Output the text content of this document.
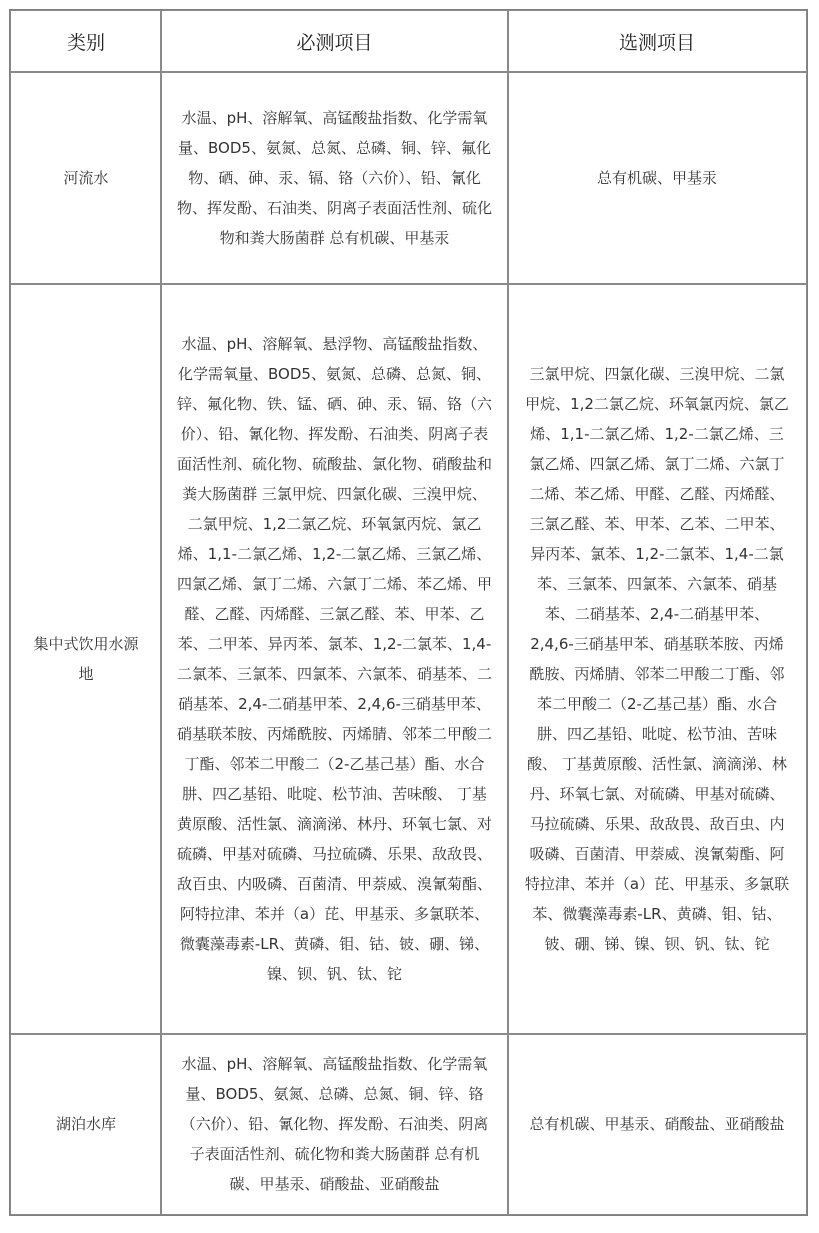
类别	必测项目	选测项目
河流水
水温、pH、溶解氧、高锰酸盐指数、化学需氧量、BOD5、氨氮、总氮、总磷、铜、锌、氟化物、硒、砷、汞、镉、铬（六价）、铅、氰化物、挥发酚、石油类、阴离子表面活性剂、硫化物和粪大肠菌群 总有机碳、甲基汞
总有机碳、甲基汞
集中式饮用水源地
水温、pH、溶解氧、悬浮物、高锰酸盐指数、化学需氧量、BOD5、氨氮、总磷、总氮、铜、锌、氟化物、铁、锰、硒、砷、汞、镉、铬（六价）、铅、氰化物、挥发酚、石油类、阴离子表面活性剂、硫化物、硫酸盐、氯化物、硝酸盐和粪大肠菌群 三氯甲烷、四氯化碳、三溴甲烷、二氯甲烷、1,2二氯乙烷、环氧氯丙烷、氯乙烯、1,1-二氯乙烯、1,2-二氯乙烯、三氯乙烯、四氯乙烯、氯丁二烯、六氯丁二烯、苯乙烯、甲醛、乙醛、丙烯醛、三氯乙醛、苯、甲苯、乙苯、二甲苯、异丙苯、氯苯、1,2-二氯苯、1,4-二氯苯、三氯苯、四氯苯、六氯苯、硝基苯、二硝基苯、2,4-二硝基甲苯、2,4,6-三硝基甲苯、硝基联苯胺、丙烯酰胺、丙烯腈、邻苯二甲酸二丁酯、邻苯二甲酸二（2-乙基己基）酯、水合肼、四乙基铅、吡啶、松节油、苦味酸、 丁基黄原酸、活性氯、滴滴涕、林丹、环氧七氯、对硫磷、甲基对硫磷、马拉硫磷、乐果、敌敌畏、敌百虫、内吸磷、百菌清、甲萘威、溴氰菊酯、阿特拉津、苯并（a）芘、甲基汞、多氯联苯、微囊藻毒素-LR、黄磷、钼、钴、铍、硼、锑、镍、钡、钒、钛、铊
三氯甲烷、四氯化碳、三溴甲烷、二氯甲烷、1,2二氯乙烷、环氧氯丙烷、氯乙烯、1,1-二氯乙烯、1,2-二氯乙烯、三氯乙烯、四氯乙烯、氯丁二烯、六氯丁二烯、苯乙烯、甲醛、乙醛、丙烯醛、三氯乙醛、苯、甲苯、乙苯、二甲苯、异丙苯、氯苯、1,2-二氯苯、1,4-二氯苯、三氯苯、四氯苯、六氯苯、硝基苯、二硝基苯、2,4-二硝基甲苯、2,4,6-三硝基甲苯、硝基联苯胺、丙烯酰胺、丙烯腈、邻苯二甲酸二丁酯、邻苯二甲酸二（2-乙基己基）酯、水合肼、四乙基铅、吡啶、松节油、苦味酸、 丁基黄原酸、活性氯、滴滴涕、林丹、环氧七氯、对硫磷、甲基对硫磷、马拉硫磷、乐果、敌敌畏、敌百虫、内吸磷、百菌清、甲萘威、溴氰菊酯、阿特拉津、苯并（a）芘、甲基汞、多氯联苯、微囊藻毒素-LR、黄磷、钼、钴、铍、硼、锑、镍、钡、钒、钛、铊
湖泊水库
水温、pH、溶解氧、高锰酸盐指数、化学需氧量、BOD5、氨氮、总磷、总氮、铜、锌、铬（六价）、铅、氰化物、挥发酚、石油类、阴离子表面活性剂、硫化物和粪大肠菌群 总有机碳、甲基汞、硝酸盐、亚硝酸盐
总有机碳、甲基汞、硝酸盐、亚硝酸盐
